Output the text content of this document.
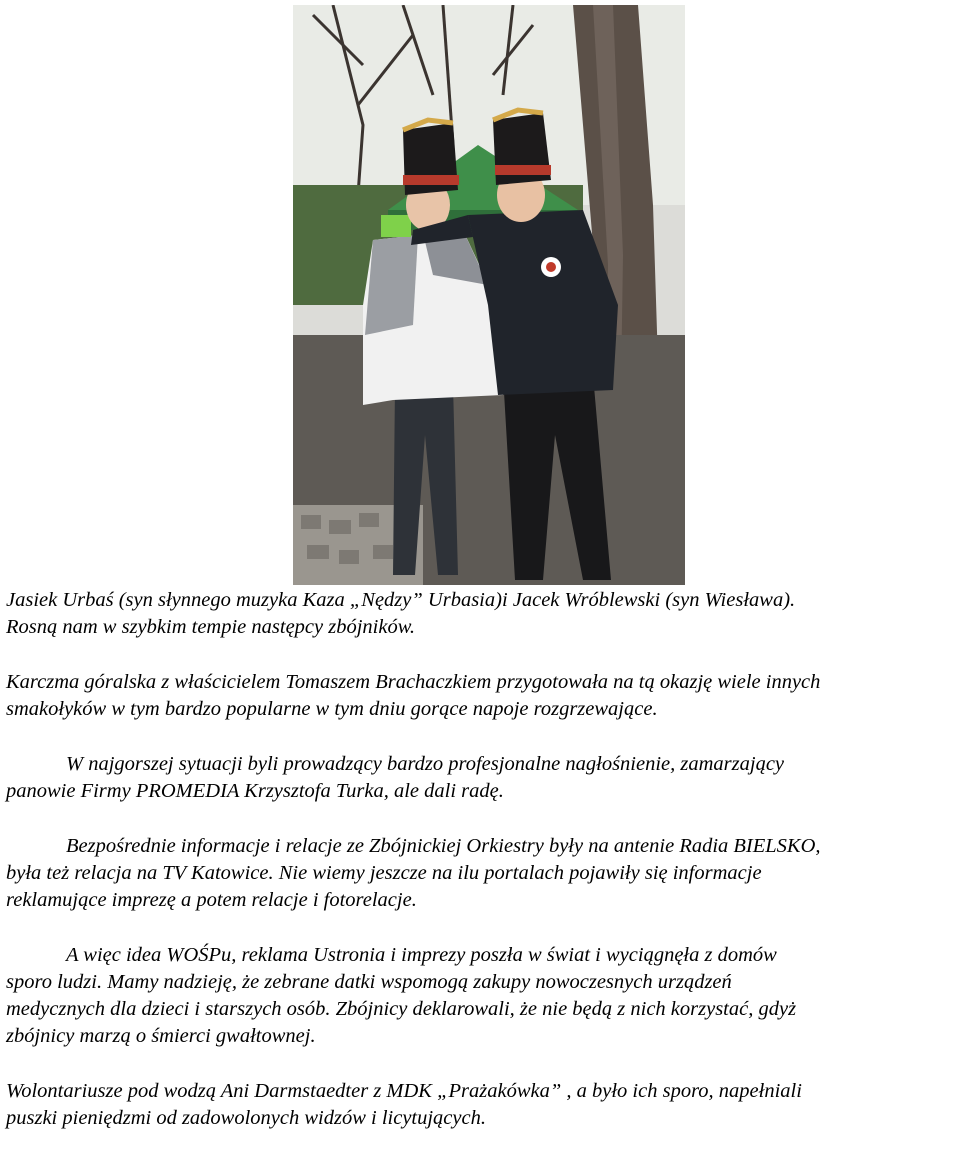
Jasiek Urbaś (syn słynnego muzyka Kaza „Nędzy” Urbasia)i Jacek Wróblewski (syn Wiesława).
Rosną nam w szybkim tempie następcy zbójników.

Karczma góralska z właścicielem Tomaszem Brachaczkiem przygotowała na tą okazję wiele innych
smakołyków w tym bardzo popularne w tym dniu gorące napoje rozgrzewające.

W najgorszej sytuacji byli prowadzący bardzo profesjonalne nagłośnienie, zamarzający
panowie Firmy PROMEDIA Krzysztofa Turka, ale dali radę.

Bezpośrednie informacje i relacje ze Zbójnickiej Orkiestry były na antenie Radia BIELSKO,
była też relacja na TV Katowice. Nie wiemy jeszcze na ilu portalach pojawiły się informacje
reklamujące imprezę a potem relacje i fotorelacje.

A więc idea WOŚPu, reklama Ustronia i imprezy poszła w świat i wyciągnęła z domów
sporo ludzi. Mamy nadzieję, że zebrane datki wspomogą zakupy nowoczesnych urządzeń
medycznych dla dzieci i starszych osób. Zbójnicy deklarowali, że nie będą z nich korzystać, gdyż
zbójnicy marzą o śmierci gwałtownej.

Wolontariusze pod wodzą Ani Darmstaedter z MDK „Prażakówka” , a było ich sporo, napełniali
puszki pieniędzmi od zadowolonych widzów i licytujących.
